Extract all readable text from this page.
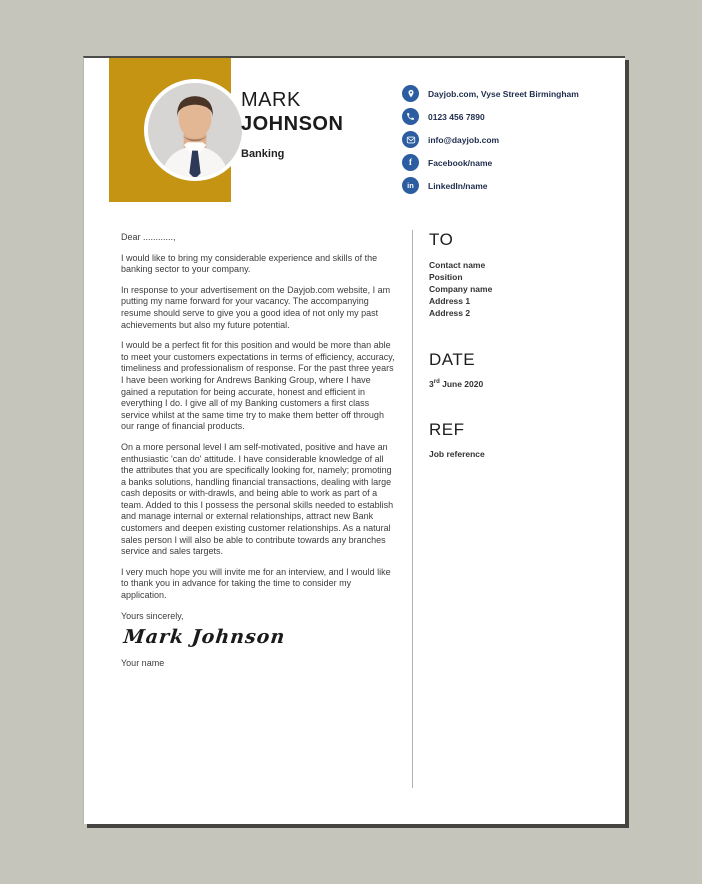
MARK
JOHNSON
Banking
Dayjob.com, Vyse Street Birmingham
0123 456 7890
info@dayjob.com
f Facebook/name
in LinkedIn/name

Dear ............,

I would like to bring my considerable experience and skills of the banking sector to your company.

In response to your advertisement on the Dayjob.com website, I am putting my name forward for your vacancy. The accompanying resume should serve to give you a good idea of not only my past achievements but also my future potential.

I would be a perfect fit for this position and would be more than able to meet your customers expectations in terms of efficiency, accuracy, timeliness and professionalism of response. For the past three years I have been working for Andrews Banking Group, where I have gained a reputation for being accurate, honest and efficient in everything I do. I give all of my Banking customers a first class service whilst at the same time try to make them better off through our range of financial products.

On a more personal level I am self-motivated, positive and have an enthusiastic 'can do' attitude. I have considerable knowledge of all the attributes that you are specifically looking for, namely; promoting a banks solutions, handling financial transactions, dealing with large cash deposits or with-drawls, and being able to work as part of a team. Added to this I possess the personal skills needed to establish and manage internal or external relationships, attract new Bank customers and deepen existing customer relationships. As a natural sales person I will also be able to contribute towards any branches service and sales targets.

I very much hope you will invite me for an interview, and I would like to thank you in advance for taking the time to consider my application.

Yours sincerely,

Mark Johnson
Your name
TO
Contact name
Position
Company name
Address 1
Address 2
DATE
3rd June 2020
REF
Job reference
